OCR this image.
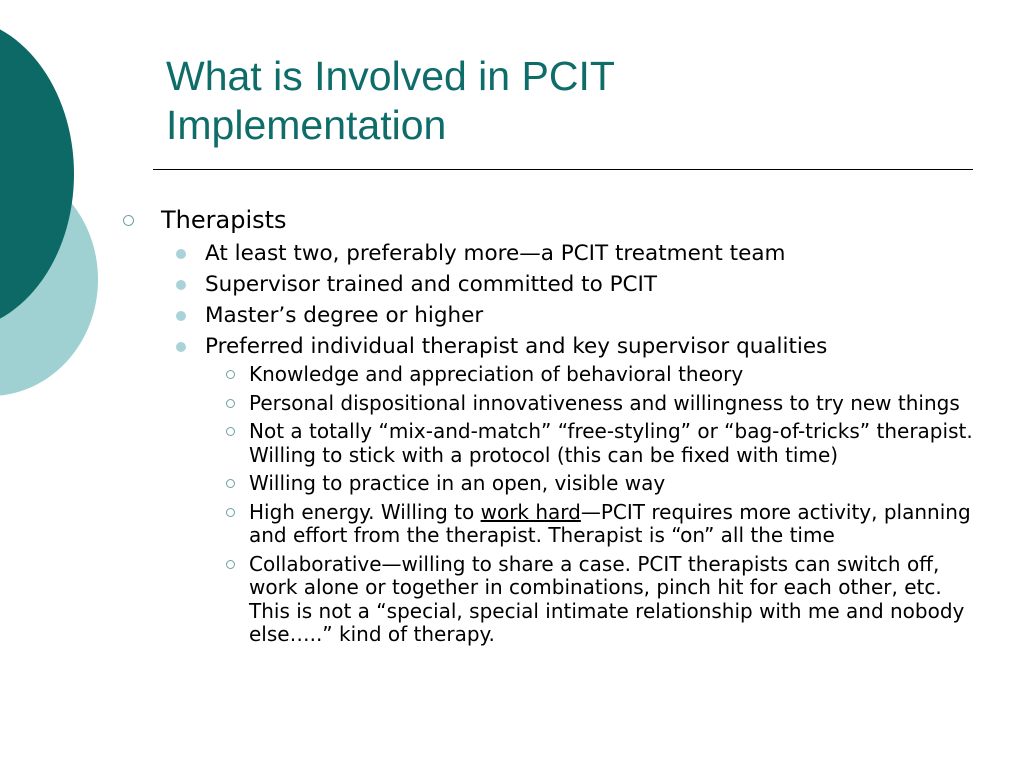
What is Involved in PCIT
Implementation
Therapists
At least two, preferably more—a PCIT treatment team
Supervisor trained and committed to PCIT
Master’s degree or higher
Preferred individual therapist and key supervisor qualities
Knowledge and appreciation of behavioral theory
Personal dispositional innovativeness and willingness to try new things
Not a totally “mix-and-match” “free-styling” or “bag-of-tricks” therapist. Willing to stick with a protocol (this can be fixed with time)
Willing to practice in an open, visible way
High energy. Willing to work hard—PCIT requires more activity, planning and effort from the therapist. Therapist is “on” all the time
Collaborative—willing to share a case. PCIT therapists can switch off, work alone or together in combinations, pinch hit for each other, etc. This is not a “special, special intimate relationship with me and nobody else…..” kind of therapy.
